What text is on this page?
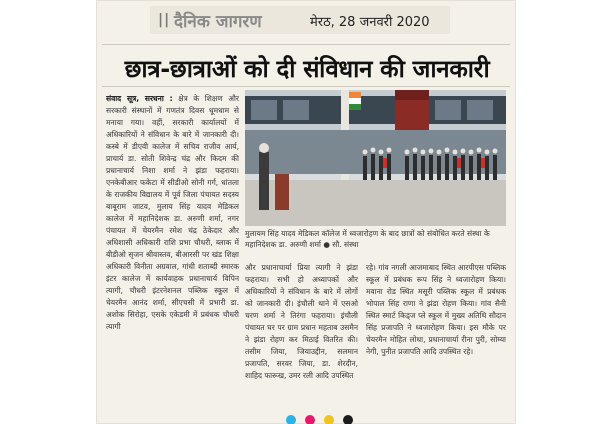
|| दैनिक जागरण	मेरठ, 28 जनवरी 2020
छात्र-छात्राओं को दी संविधान की जानकारी

संवाद सूत्र, सरधना : क्षेत्र के शिक्षण और सरकारी संस्थानों में गणतंत्र दिवस धूमधाम से मनाया गया। वहीं, सरकारी कार्यालयों में अधिकारियों ने संविधान के बारे में जानकारी दी। कस्बे में डीएवी कालेज में सचिव राजीव आर्य, प्राचार्य डा. सोती शिवेन्द्र चंद्र और किदम की प्रधानाचार्य निशा शर्मा ने झंडा फहराया। एनकेबीआर फकेटा में सीडीओ सोनी गर्ग, धांतला के राजकीय विद्यालय में पूर्व जिला पंचायत सदस्य बाबूराम जाटव, मुलाय सिंह यादव मेडिकल कालेज में महानिदेशक डा. अरुणी शर्मा, नगर पंचायत में चेयरमैन रमेश चंद्र ठेकेदार और अधिशासी अधिकारी राशि प्रभा चौधरी, ब्लाक में बीडीओ सृजन श्रीवास्तव, बीआरसी पर खंड शिक्षा अधिकारी विनीता अग्रवाल, गांधी शताब्दी स्मारक इंटर कालेज में कार्यवाहक प्रधानाचार्य विपिन त्यागी, चौधरी इंटरनेशनल पब्लिक स्कूल में चेयरमैन आनंद शर्मा, सीएचसी में प्रभारी डा. अशोक सिरोहा, एसके एकेडमी में प्रबंधक चौधरी त्यागी

मुलायम सिंह यादव मेडिकल कॉलेज में ध्वजारोहण के बाद छात्रों को संबोधित करते संस्था के महानिदेशक डा. अरुणी शर्मा ● सौ. संस्था

और प्रधानाचार्या प्रिया त्यागी ने झंडा फहराया। सभी हो अध्यापकों और अधिकारियों ने संविधान के बारे में लोगों को जानकारी दी। इंचौली थाने में एसओ चरण शर्मा ने तिरंगा फहराया। इंचौली पंचायत घर पर ग्राम प्रधान महताब उसमैन ने झंडा रोहण कर मिठाई वितरित की। तसीम जिया, जियाउद्दीन, सलमान प्रजापति, सरवर जिया, डा. शेरदीन, शाहिद फारूख, उमर रली आदि उपस्थित

रहे। गांव नगली आजमाबाद स्थित आरपीएस पब्लिक स्कूल में प्रबंधक रूप सिंह ने ध्वजारोहण किया। मवाना रोड स्थित मसूरी पब्लिक स्कूल में प्रबंधक भोपाल सिंह राणा ने झंडा रोहण किया। गांव सैनी स्थित स्मार्ट किड्ज प्ले स्कूल में मुख्य अतिथि सौदान सिंह प्रजापति ने ध्वजारोहण किया। इस मौके पर चेयरमैन मोहित लोधा, प्रधानाचार्या रीना पुरी, सोम्या नेगी, पुनीत प्रजापति आदि उपस्थित रहे।
